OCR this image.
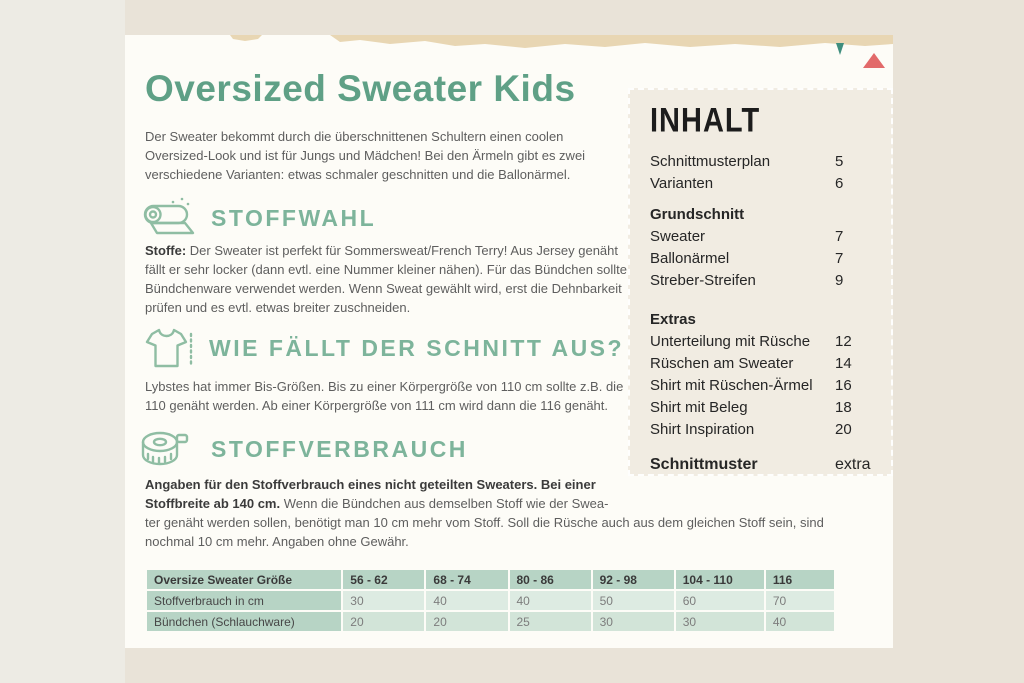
Oversized Sweater Kids
Der Sweater bekommt durch die überschnittenen Schultern einen coolen
Oversized-Look und ist für Jungs und Mädchen! Bei den Ärmeln gibt es zwei
verschiedene Varianten: etwas schmaler geschnitten und die Ballonärmel.
STOFFWAHL
Stoffe: Der Sweater ist perfekt für Sommersweat/French Terry! Aus Jersey genäht
fällt er sehr locker (dann evtl. eine Nummer kleiner nähen). Für das Bündchen sollte
Bündchenware verwendet werden. Wenn Sweat gewählt wird, erst die Dehnbarkeit
prüfen und es evtl. etwas breiter zuschneiden.
WIE FÄLLT DER SCHNITT AUS?
Lybstes hat immer Bis-Größen. Bis zu einer Körpergröße von 110 cm sollte z.B. die
110 genäht werden. Ab einer Körpergröße von 111 cm wird dann die 116 genäht.
STOFFVERBRAUCH
Angaben für den Stoffverbrauch eines nicht geteilten Sweaters. Bei einer
Stoffbreite ab 140 cm. Wenn die Bündchen aus demselben Stoff wie der Swea-
ter genäht werden sollen, benötigt man 10 cm mehr vom Stoff. Soll die Rüsche auch aus dem gleichen Stoff sein, sind
nochmal 10 cm mehr. Angaben ohne Gewähr.
INHALT
Schnittmusterplan	5
Varianten	6
Grundschnitt
Sweater	7
Ballonärmel	7
Streber-Streifen	9
Extras
Unterteilung mit Rüsche	12
Rüschen am Sweater	14
Shirt mit Rüschen-Ärmel	16
Shirt mit Beleg	18
Shirt Inspiration	20
Schnittmuster	extra
Oversize Sweater Größe	56 - 62	68 - 74	80 - 86	92 - 98	104 - 110	116
Stoffverbrauch in cm	30	40	40	50	60	70
Bündchen (Schlauchware)	20	20	25	30	30	40
